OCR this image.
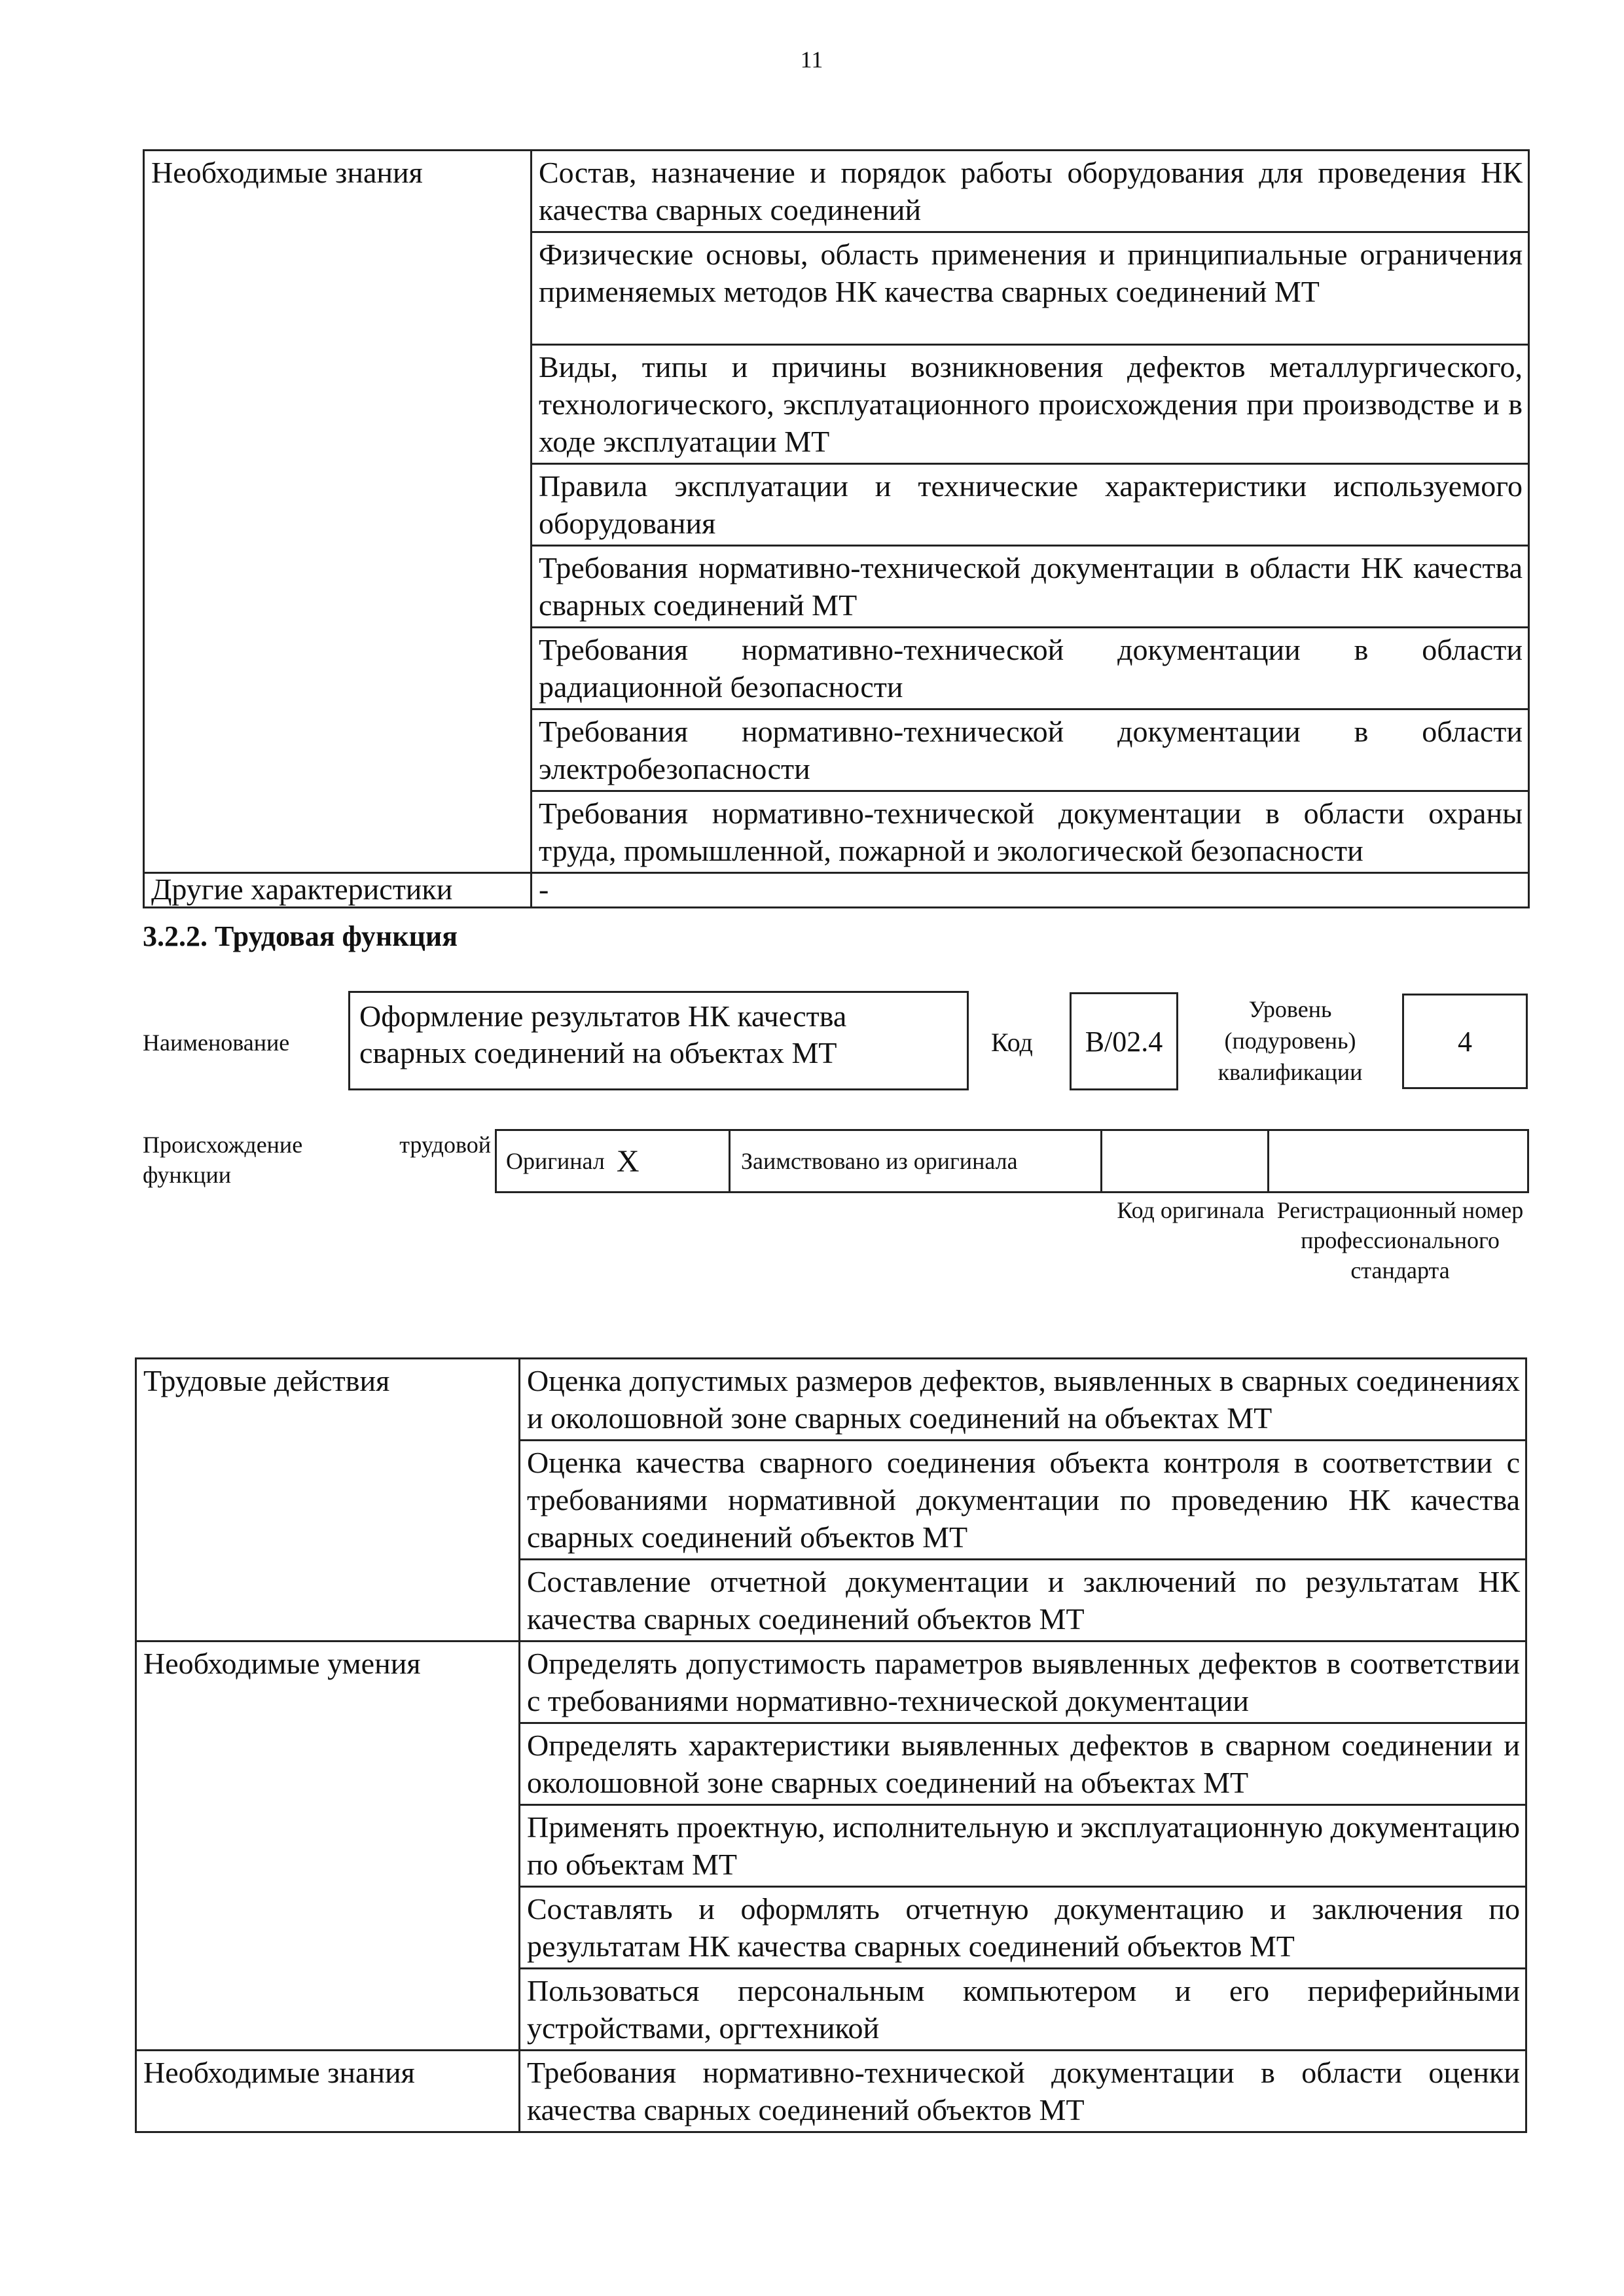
11
Необходимые знания	Состав, назначение и порядок работы оборудования для проведения НК качества сварных соединений
	Физические основы, область применения и принципиальные ограничения применяемых методов НК качества сварных соединений МТ
	Виды, типы и причины возникновения дефектов металлургического, технологического, эксплуатационного происхождения при производстве и в ходе эксплуатации МТ
	Правила эксплуатации и технические характеристики используемого оборудования
	Требования нормативно-технической документации в области НК качества сварных соединений МТ
	Требования нормативно-технической документации в области радиационной безопасности
	Требования нормативно-технической документации в области электробезопасности
	Требования нормативно-технической документации в области охраны труда, промышленной, пожарной и экологической безопасности
Другие характеристики	-
3.2.2. Трудовая функция
Наименование
Оформление результатов НК качества сварных соединений на объектах МТ	Код B/02.4
Уровень (подуровень) квалификации
4
Происхождение трудовой функции
Оригинал X	Заимствовано из оригинала
Код оригинала Регистрационный номер профессионального стандарта
Трудовые действия	Оценка допустимых размеров дефектов, выявленных в сварных соединениях и околошовной зоне сварных соединений на объектах МТ
	Оценка качества сварного соединения объекта контроля в соответствии с требованиями нормативной документации по проведению НК качества сварных соединений объектов МТ
	Составление отчетной документации и заключений по результатам НК качества сварных соединений объектов МТ
Необходимые умения	Определять допустимость параметров выявленных дефектов в соответствии с требованиями нормативно-технической документации
	Определять характеристики выявленных дефектов в сварном соединении и околошовной зоне сварных соединений на объектах МТ
	Применять проектную, исполнительную и эксплуатационную документацию по объектам МТ
	Составлять и оформлять отчетную документацию и заключения по результатам НК качества сварных соединений объектов МТ
	Пользоваться персональным компьютером и его периферийными устройствами, оргтехникой
Необходимые знания	Требования нормативно-технической документации в области оценки качества сварных соединений объектов МТ
